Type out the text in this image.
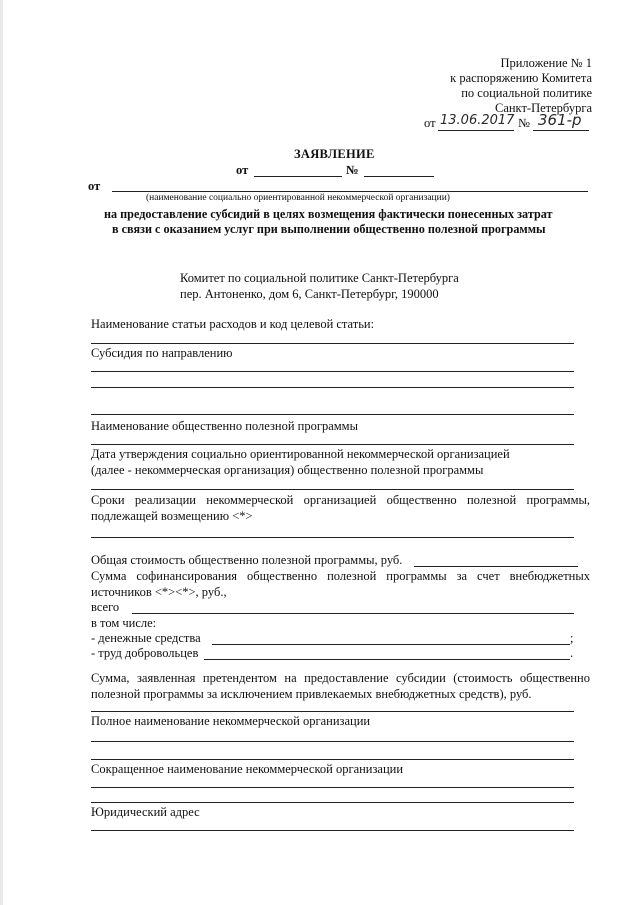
Приложение № 1
к распоряжению Комитета
по социальной политике
Санкт-Петербурга
от 13.06.2017 № 361-р
ЗАЯВЛЕНИЕ
от	№
от
(наименование социально ориентированной некоммерческой организации)
на предоставление субсидий в целях возмещения фактически понесенных затрат
в связи с оказанием услуг при выполнении общественно полезной программы
Комитет по социальной политике Санкт-Петербурга
пер. Антоненко, дом 6, Санкт-Петербург, 190000
Наименование статьи расходов и код целевой статьи:
Субсидия по направлению
Наименование общественно полезной программы
Дата утверждения социально ориентированной некоммерческой организацией
(далее - некоммерческая организация) общественно полезной программы
Сроки реализации некоммерческой организацией общественно полезной программы,
подлежащей возмещению <*>
Общая стоимость общественно полезной программы, руб.
Сумма софинансирования общественно полезной программы за счет внебюджетных
источников <*><*>, руб.,
всего
в том числе:
- денежные средства	;
- труд добровольцев	.
Сумма, заявленная претендентом на предоставление субсидии (стоимость общественно
полезной программы за исключением привлекаемых внебюджетных средств), руб.
Полное наименование некоммерческой организации
Сокращенное наименование некоммерческой организации
Юридический адрес
